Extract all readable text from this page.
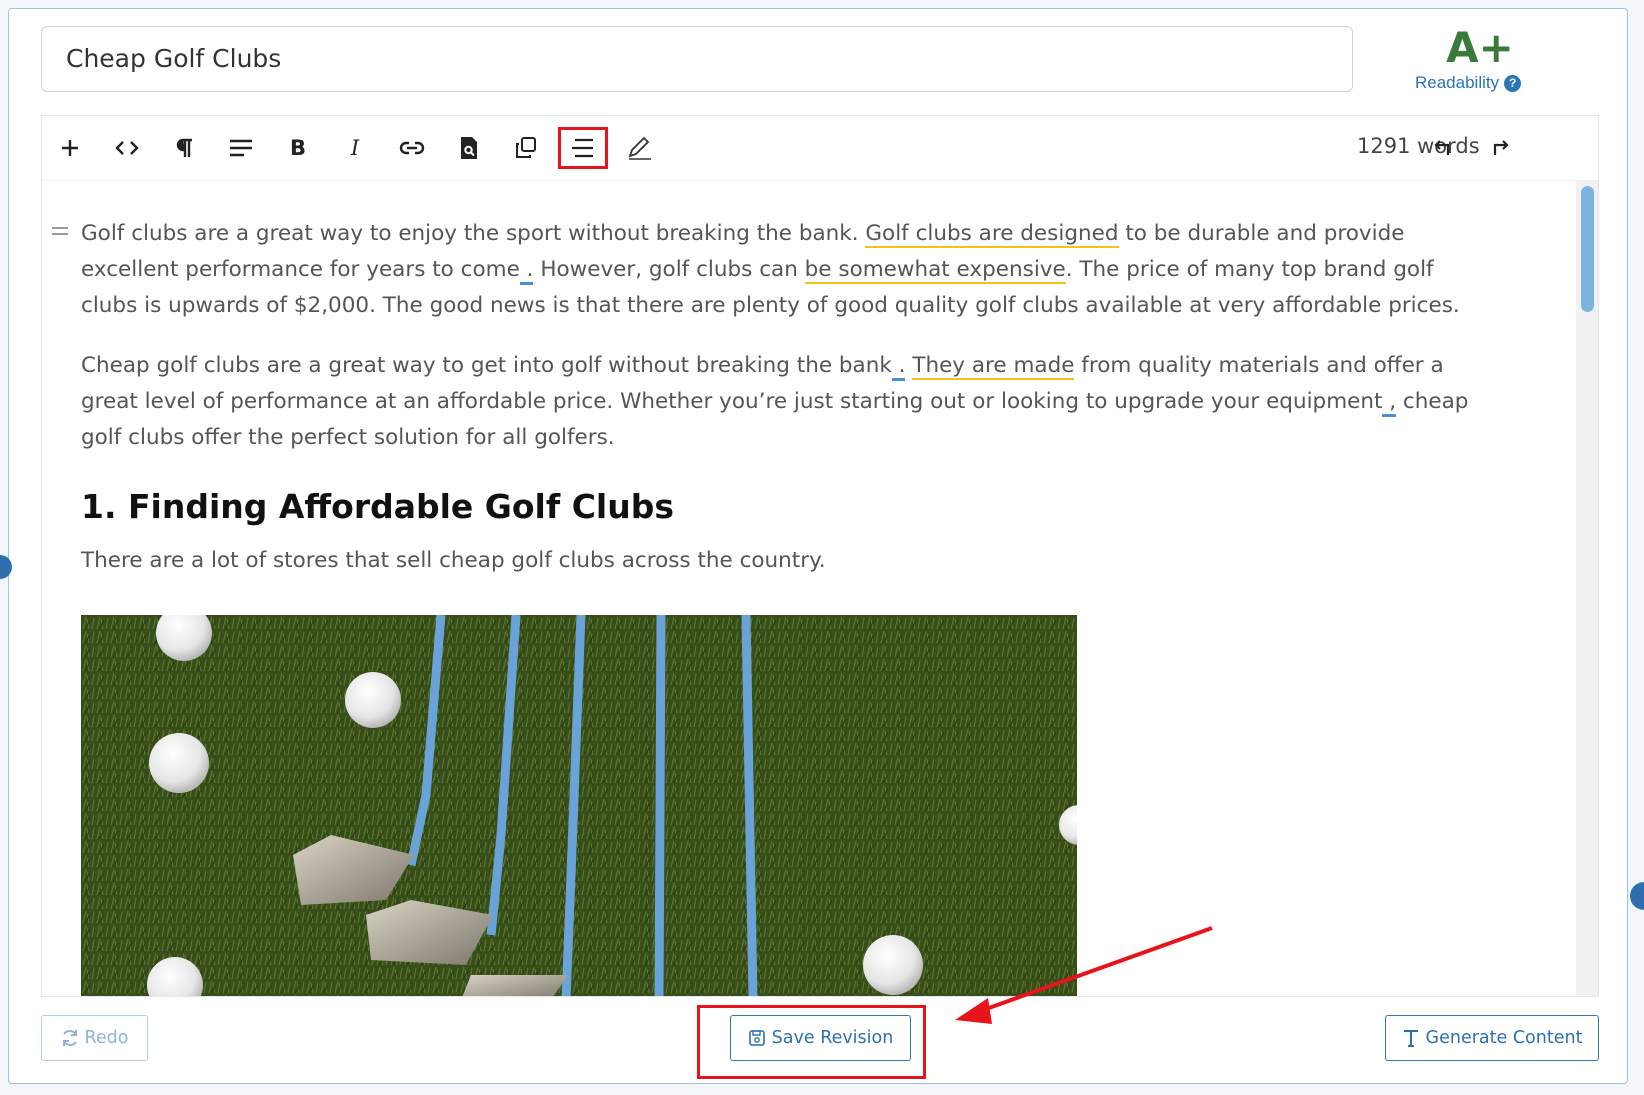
Cheap Golf Clubs	A+
Readability ?
B I	1291 words
Golf clubs are a great way to enjoy the sport without breaking the bank. Golf clubs are designed to be durable and provide excellent performance for years to come . However, golf clubs can be somewhat expensive. The price of many top brand golf clubs is upwards of $2,000. The good news is that there are plenty of good quality golf clubs available at very affordable prices.
Cheap golf clubs are a great way to get into golf without breaking the bank . They are made from quality materials and offer a great level of performance at an affordable price. Whether you’re just starting out or looking to upgrade your equipment , cheap golf clubs offer the perfect solution for all golfers.
1. Finding Affordable Golf Clubs
There are a lot of stores that sell cheap golf clubs across the country.
Redo	Save Revision	Generate Content
